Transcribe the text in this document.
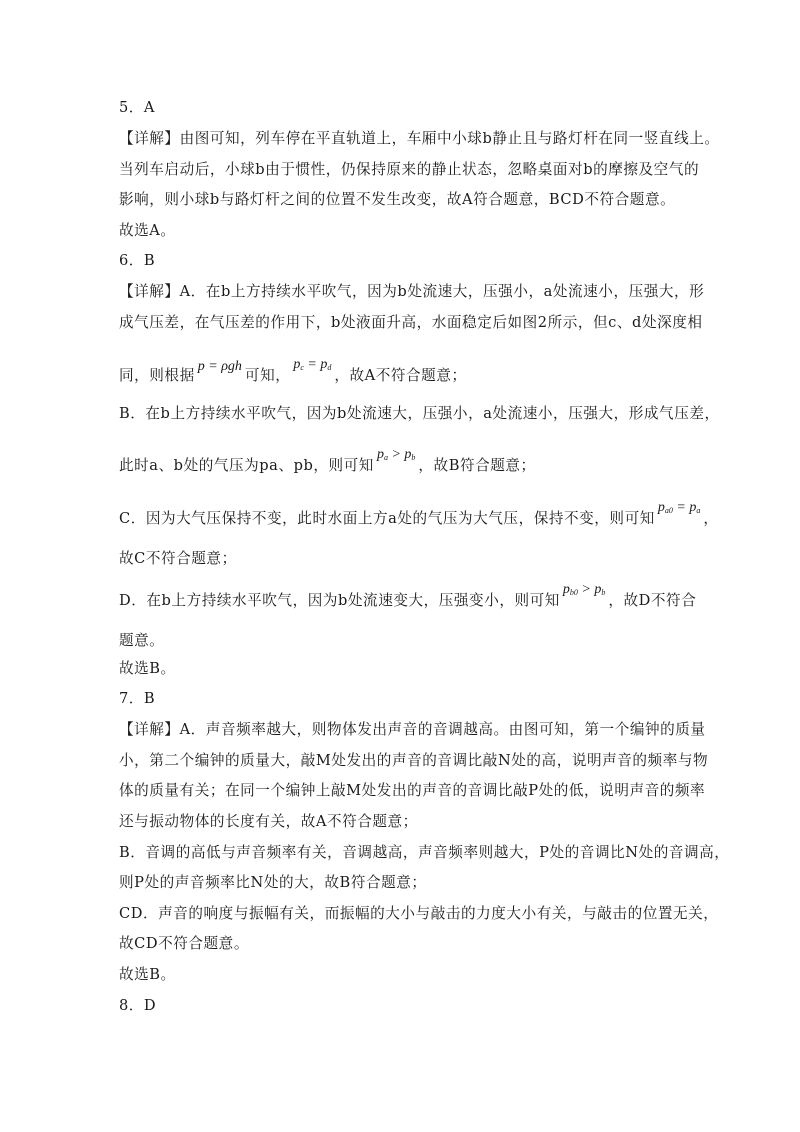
5．A
【详解】由图可知，列车停在平直轨道上，车厢中小球b静止且与路灯杆在同一竖直线上。
当列车启动后，小球b由于惯性，仍保持原来的静止状态，忽略桌面对b的摩擦及空气的
影响，则小球b与路灯杆之间的位置不发生改变，故A符合题意，BCD不符合题意。
故选A。
6．B
【详解】A．在b上方持续水平吹气，因为b处流速大，压强小，a处流速小，压强大，形
成气压差，在气压差的作用下，b处液面升高，水面稳定后如图2所示，但c、d处深度相
同，则根据p = ρgh可知，$p_c = p_d$ ，故A不符合题意；
B．在b上方持续水平吹气，因为b处流速大，压强小，a处流速小，压强大，形成气压差，
此时a、b处的气压为pa、pb，则可知$p_a > p_b$ ，故B符合题意；
C．因为大气压保持不变，此时水面上方a处的气压为大气压，保持不变，则可知$p_{a0} = p_a$ ，
故C不符合题意；
D．在b上方持续水平吹气，因为b处流速变大，压强变小，则可知$p_{b0} > p_b$ ，故D不符合
题意。
故选B。
7．B
【详解】A．声音频率越大，则物体发出声音的音调越高。由图可知，第一个编钟的质量
小，第二个编钟的质量大，敲M处发出的声音的音调比敲N处的高，说明声音的频率与物
体的质量有关；在同一个编钟上敲M处发出的声音的音调比敲P处的低，说明声音的频率
还与振动物体的长度有关，故A不符合题意；
B．音调的高低与声音频率有关，音调越高，声音频率则越大，P处的音调比N处的音调高，
则P处的声音频率比N处的大，故B符合题意；
CD．声音的响度与振幅有关，而振幅的大小与敲击的力度大小有关，与敲击的位置无关，
故CD不符合题意。
故选B。
8．D
